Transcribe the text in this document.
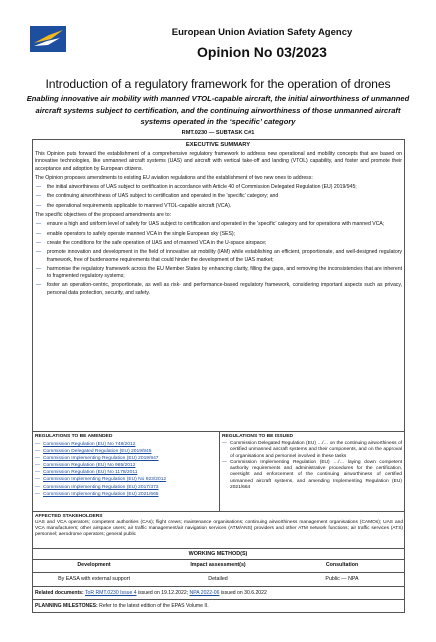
European Union Aviation Safety Agency
Opinion No 03/2023
Introduction of a regulatory framework for the operation of drones
Enabling innovative air mobility with manned VTOL-capable aircraft, the initial airworthiness of unmanned aircraft systems subject to certification, and the continuing airworthiness of those unmanned aircraft systems operated in the ‘specific’ category
RMT.0230 — SUBTASK C#1
EXECUTIVE SUMMARY

This Opinion puts forward the establishment of a comprehensive regulatory framework to address new operational and mobility concepts that are based on innovative technologies, like unmanned aircraft systems (UAS) and aircraft with vertical take-off and landing (VTOL) capability, and foster and promote their acceptance and adoption by European citizens.

The Opinion proposes amendments to existing EU aviation regulations and the establishment of two new ones to address:

— the initial airworthiness of UAS subject to certification in accordance with Article 40 of Commission Delegated Regulation (EU) 2019/945;
— the continuing airworthiness of UAS subject to certification and operated in the ‘specific’ category; and
— the operational requirements applicable to manned VTOL-capable aircraft (VCA).

The specific objectives of the proposed amendments are to:

— ensure a high and uniform level of safety for UAS subject to certification and operated in the ‘specific’ category and for operations with manned VCA;
— enable operators to safely operate manned VCA in the single European sky (SES);
— create the conditions for the safe operation of UAS and of manned VCA in the U-space airspace;
— promote innovation and development in the field of innovative air mobility (IAM) while establishing an efficient, proportionate, and well-designed regulatory framework, free of burdensome requirements that could hinder the development of the UAS market;
— harmonise the regulatory framework across the EU Member States by enhancing clarity, filling the gaps, and removing the inconsistencies that are inherent to fragmented regulatory systems;
— foster an operation-centric, proportionate, as well as risk- and performance-based regulatory framework, considering important aspects such as privacy, personal data protection, security, and safety.
REGULATIONS TO BE AMENDED
— Commission Regulation (EU) No 748/2012
— Commission Delegated Regulation (EU) 2019/945
— Commission Implementing Regulation (EU) 2019/947
— Commission Regulation (EU) No 965/2012
— Commission Regulation (EU) No 1178/2011
— Commission Implementing Regulation (EU) No 923/2012
— Commission Implementing Regulation (EU) 2017/373
— Commission Implementing Regulation (EU) 2021/665
REGULATIONS TO BE ISSUED
— Commission Delegated Regulation (EU) …/… on the continuing airworthiness of certified unmanned aircraft systems and their components, and on the approval of organisations and personnel involved in these tasks
— Commission Implementing Regulation (EU) …/… laying down competent authority requirements and administrative procedures for the certification, oversight and enforcement of the continuing airworthiness of certified unmanned aircraft systems, and amending Implementing Regulation (EU) 2021/664
AFFECTED STAKEHOLDERS
UAS and VCA operators; competent authorities (CAs); flight crews; maintenance organisations; continuing airworthiness management organisations (CAMOs); UAS and VCA manufacturers; other airspace users; air traffic management/air navigation services (ATM/ANS) providers and other ATM network functions; air traffic services (ATS) personnel; aerodrome operators; general public
WORKING METHOD(S)
Development	Impact assessment(s)	Consultation
By EASA with external support	Detailed	Public — NPA
Related documents: ToR RMT.0230 Issue 4 issued on 19.12.2022; NPA 2022-06 issued on 30.6.2022
PLANNING MILESTONES: Refer to the latest edition of the EPAS Volume II.
